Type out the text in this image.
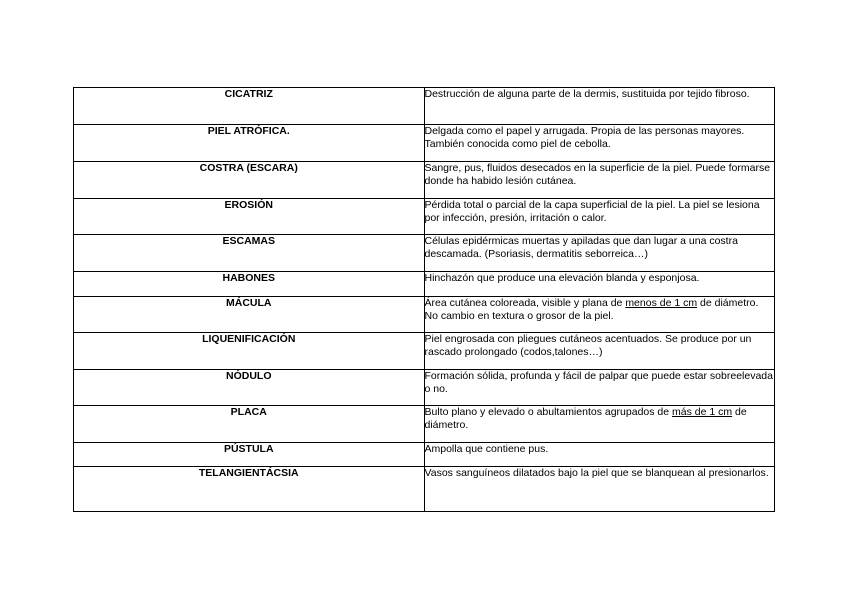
CICATRIZ	Destrucción de alguna parte de la dermis, sustituida por tejido fibroso.
PIEL ATRÓFICA.	Delgada como el papel y arrugada. Propia de las personas mayores. También conocida como piel de cebolla.
COSTRA (ESCARA)	Sangre, pus, fluidos desecados en la superficie de la piel. Puede formarse donde ha habido lesión cutánea.
EROSIÓN	Pérdida total o parcial de la capa superficial de la piel. La piel se lesiona por infección, presión, irritación o calor.
ESCAMAS	Células epidérmicas muertas y apiladas que dan lugar a una costra descamada. (Psoriasis, dermatitis seborreica…)
HABONES	Hinchazón que produce una elevación blanda y esponjosa.
MÁCULA	Área cutánea coloreada, visible y plana de menos de 1 cm de diámetro. No cambio en textura o grosor de la piel.
LIQUENIFICACIÓN	Piel engrosada con pliegues cutáneos acentuados. Se produce por un rascado prolongado (codos,talones…)
NÓDULO	Formación sólida, profunda y fácil de palpar que puede estar sobreelevada o no.
PLACA	Bulto plano y elevado o abultamientos agrupados de más de 1 cm de diámetro.
PÚSTULA	Ampolla que contiene pus.
TELANGIENTÁCSIA	Vasos sanguíneos dilatados bajo la piel que se blanquean al presionarlos.
